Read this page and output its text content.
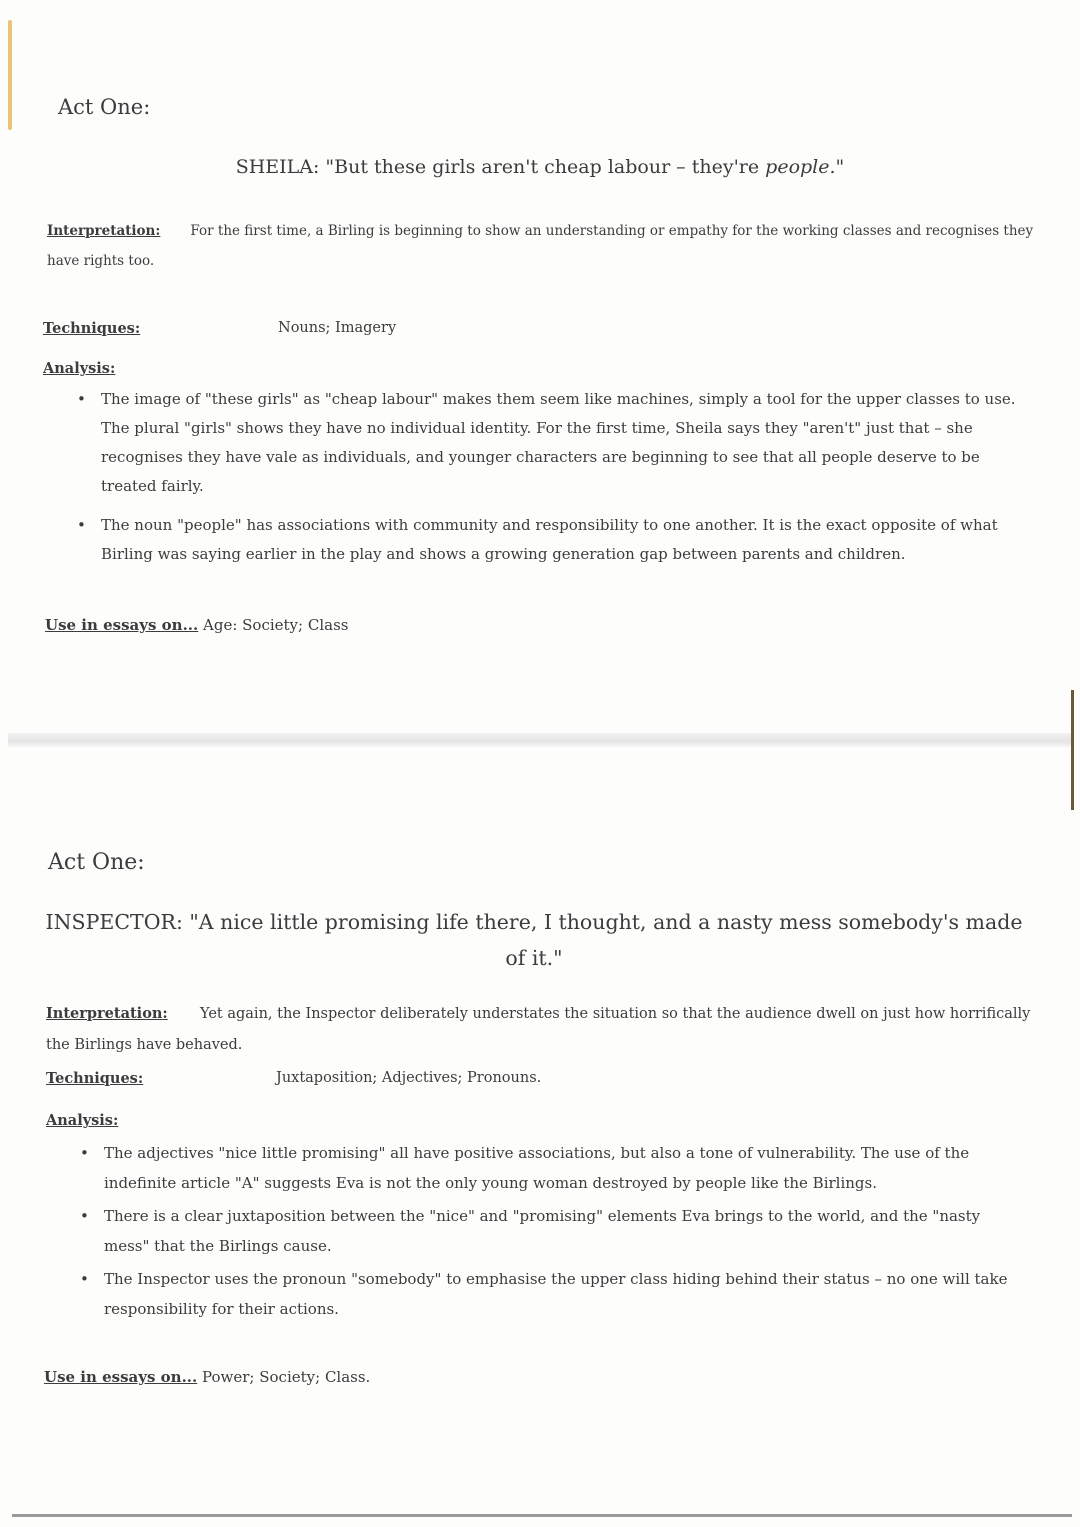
Act One:
SHEILA: "But these girls aren't cheap labour – they're people."
Interpretation: For the first time, a Birling is beginning to show an understanding or empathy for the working classes and recognises they have rights too.
Techniques:	Nouns; Imagery
Analysis:
• The image of "these girls" as "cheap labour" makes them seem like machines, simply a tool for the upper classes to use. The plural "girls" shows they have no individual identity. For the first time, Sheila says they "aren't" just that – she recognises they have vale as individuals, and younger characters are beginning to see that all people deserve to be treated fairly.
• The noun "people" has associations with community and responsibility to one another. It is the exact opposite of what Birling was saying earlier in the play and shows a growing generation gap between parents and children.
Use in essays on... Age: Society; Class
Act One:
INSPECTOR: "A nice little promising life there, I thought, and a nasty mess somebody's made of it."
Interpretation: Yet again, the Inspector deliberately understates the situation so that the audience dwell on just how horrifically the Birlings have behaved.
Techniques:	Juxtaposition; Adjectives; Pronouns.
Analysis:
• The adjectives "nice little promising" all have positive associations, but also a tone of vulnerability. The use of the indefinite article "A" suggests Eva is not the only young woman destroyed by people like the Birlings.
• There is a clear juxtaposition between the "nice" and "promising" elements Eva brings to the world, and the "nasty mess" that the Birlings cause.
• The Inspector uses the pronoun "somebody" to emphasise the upper class hiding behind their status – no one will take responsibility for their actions.
Use in essays on... Power; Society; Class.
